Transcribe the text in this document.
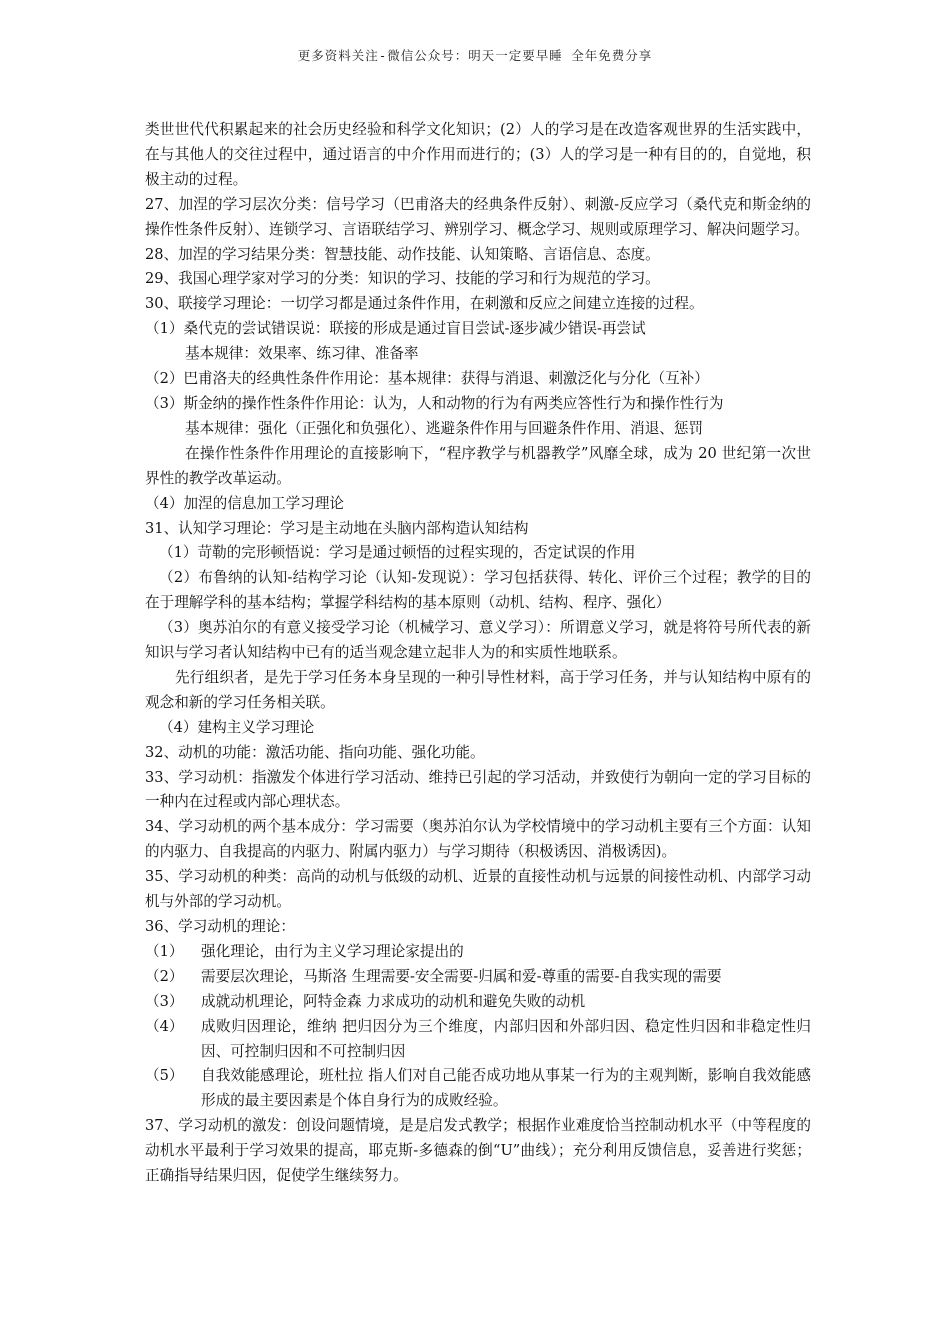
更多资料关注-微信公众号：明天一定要早睡 全年免费分享

类世世代代积累起来的社会历史经验和科学文化知识；(2）人的学习是在改造客观世界的生活实践中，在与其他人的交往过程中，通过语言的中介作用而进行的；(3）人的学习是一种有目的的，自觉地，积极主动的过程。

27、加涅的学习层次分类：信号学习（巴甫洛夫的经典条件反射）、刺激-反应学习（桑代克和斯金纳的操作性条件反射）、连锁学习、言语联结学习、辨别学习、概念学习、规则或原理学习、解决问题学习。

28、加涅的学习结果分类：智慧技能、动作技能、认知策略、言语信息、态度。

29、我国心理学家对学习的分类：知识的学习、技能的学习和行为规范的学习。

30、联接学习理论：一切学习都是通过条件作用，在刺激和反应之间建立连接的过程。

（1）桑代克的尝试错误说：联接的形成是通过盲目尝试-逐步减少错误-再尝试

基本规律：效果率、练习律、准备率

（2）巴甫洛夫的经典性条件作用论：基本规律：获得与消退、刺激泛化与分化（互补）

（3）斯金纳的操作性条件作用论：认为，人和动物的行为有两类应答性行为和操作性行为

基本规律：强化（正强化和负强化）、逃避条件作用与回避条件作用、消退、惩罚

在操作性条件作用理论的直接影响下，“程序教学与机器教学”风靡全球，成为 20 世纪第一次世界性的教学改革运动。

（4）加涅的信息加工学习理论

31、认知学习理论：学习是主动地在头脑内部构造认知结构

（1）苛勒的完形顿悟说：学习是通过顿悟的过程实现的，否定试误的作用

（2）布鲁纳的认知-结构学习论（认知-发现说）：学习包括获得、转化、评价三个过程；教学的目的在于理解学科的基本结构；掌握学科结构的基本原则（动机、结构、程序、强化）

（3）奥苏泊尔的有意义接受学习论（机械学习、意义学习）：所谓意义学习，就是将符号所代表的新知识与学习者认知结构中已有的适当观念建立起非人为的和实质性地联系。

先行组织者，是先于学习任务本身呈现的一种引导性材料，高于学习任务，并与认知结构中原有的观念和新的学习任务相关联。

（4）建构主义学习理论

32、动机的功能：激活功能、指向功能、强化功能。

33、学习动机：指激发个体进行学习活动、维持已引起的学习活动，并致使行为朝向一定的学习目标的一种内在过程或内部心理状态。

34、学习动机的两个基本成分：学习需要（奥苏泊尔认为学校情境中的学习动机主要有三个方面：认知的内驱力、自我提高的内驱力、附属内驱力）与学习期待（积极诱因、消极诱因)。

35、学习动机的种类：高尚的动机与低级的动机、近景的直接性动机与远景的间接性动机、内部学习动机与外部的学习动机。

36、学习动机的理论：

（1）	强化理论，由行为主义学习理论家提出的
（2）	需要层次理论，马斯洛 生理需要-安全需要-归属和爱-尊重的需要-自我实现的需要
（3）	成就动机理论，阿特金森 力求成功的动机和避免失败的动机
（4）	成败归因理论，维纳 把归因分为三个维度，内部归因和外部归因、稳定性归因和非稳定性归因、可控制归因和不可控制归因
（5）	自我效能感理论，班杜拉 指人们对自己能否成功地从事某一行为的主观判断，影响自我效能感形成的最主要因素是个体自身行为的成败经验。

37、学习动机的激发：创设问题情境，是是启发式教学；根据作业难度恰当控制动机水平（中等程度的动机水平最利于学习效果的提高，耶克斯-多德森的倒“U”曲线）；充分利用反馈信息，妥善进行奖惩；正确指导结果归因，促使学生继续努力。
